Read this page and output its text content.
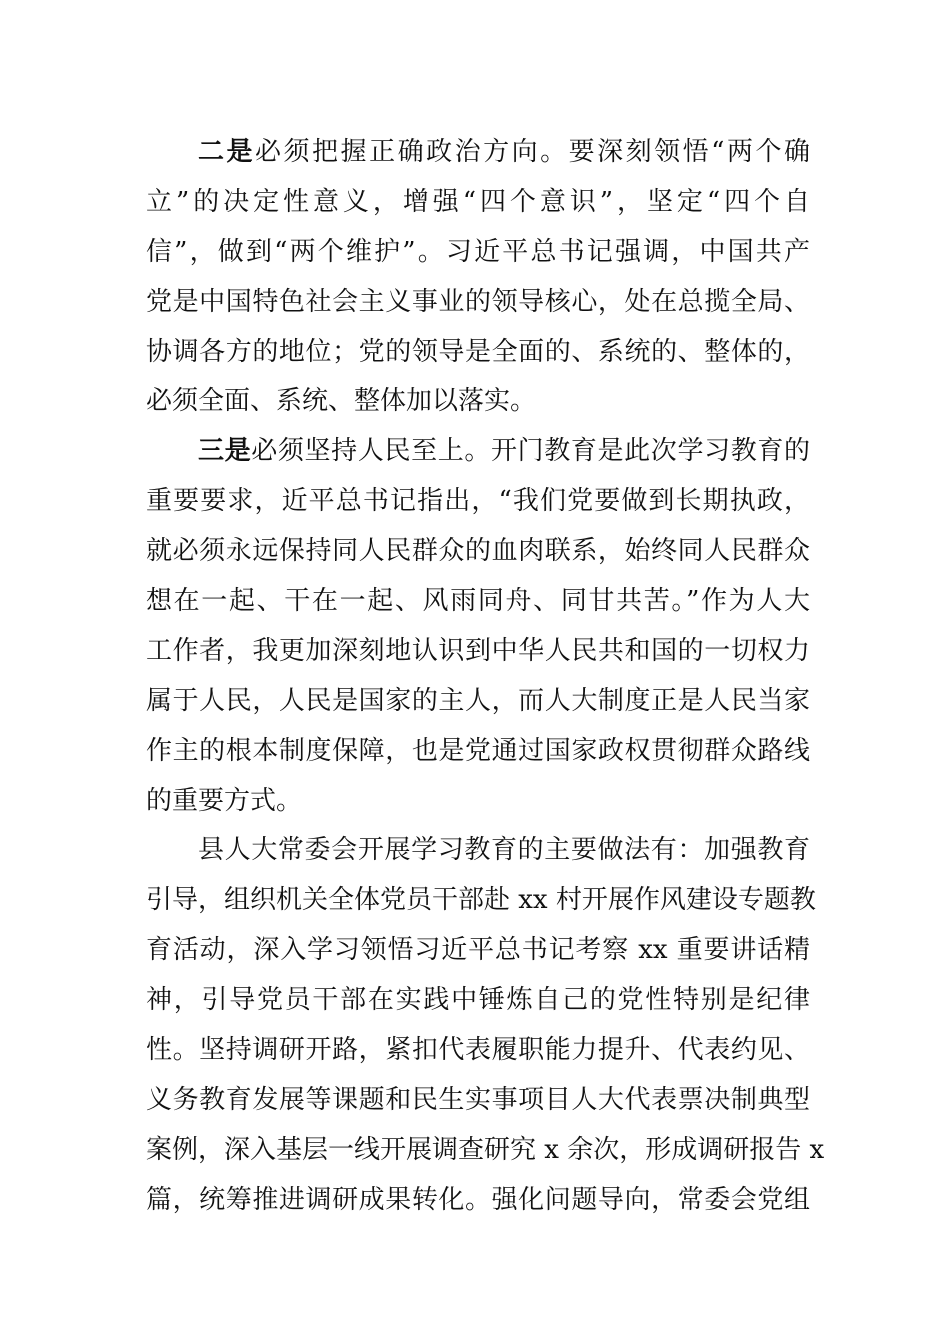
二是必须把握正确政治方向。要深刻领悟“两个确
立”的决定性意义，增强“四个意识”，坚定“四个自
信”，做到“两个维护”。习近平总书记强调，中国共产
党是中国特色社会主义事业的领导核心，处在总揽全局、
协调各方的地位；党的领导是全面的、系统的、整体的，
必须全面、系统、整体加以落实。
三是必须坚持人民至上。开门教育是此次学习教育的
重要要求，近平总书记指出，“我们党要做到长期执政，
就必须永远保持同人民群众的血肉联系，始终同人民群众
想在一起、干在一起、风雨同舟、同甘共苦。”作为人大
工作者，我更加深刻地认识到中华人民共和国的一切权力
属于人民，人民是国家的主人，而人大制度正是人民当家
作主的根本制度保障，也是党通过国家政权贯彻群众路线
的重要方式。
县人大常委会开展学习教育的主要做法有：加强教育
引导，组织机关全体党员干部赴 xx 村开展作风建设专题教
育活动，深入学习领悟习近平总书记考察 xx 重要讲话精
神，引导党员干部在实践中锤炼自己的党性特别是纪律
性。坚持调研开路，紧扣代表履职能力提升、代表约见、
义务教育发展等课题和民生实事项目人大代表票决制典型
案例，深入基层一线开展调查研究 x 余次，形成调研报告 x
篇，统筹推进调研成果转化。强化问题导向，常委会党组
